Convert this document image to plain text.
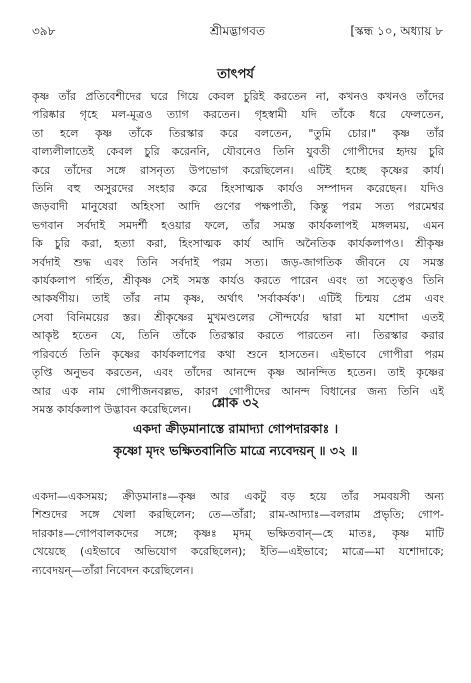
৩৯৮	শ্রীমদ্ভাগবত	[স্কন্ধ ১০, অধ্যায় ৮
তাৎপর্য
কৃষ্ণ তাঁর প্রতিবেশীদের ঘরে গিয়ে কেবল চুরিই করতেন না, কখনও কখনও তাঁদের
পরিষ্কার গৃহে মল-মূত্রও ত্যাগ করতেন। গৃহস্বামী যদি তাঁকে ধরে ফেলতেন,
তা হলে কৃষ্ণ তাঁকে তিরস্কার করে বলতেন, "তুমি চোর।" কৃষ্ণ তাঁর
বাল্যলীলাতেই কেবল চুরি করেননি, যৌবনেও তিনি যুবতী গোপীদের হৃদয় চুরি
করে তাঁদের সঙ্গে রাসনৃত্য উপভোগ করেছিলেন। এটিই হচ্ছে কৃষ্ণের কার্য।
তিনি বহু অসুরদের সংহার করে হিংসাত্মক কার্যও সম্পাদন করেছেন। যদিও
জড়বাদী মানুষেরা অহিংসা আদি গুণের পক্ষপাতী, কিন্তু পরম সত্য পরমেশ্বর
ভগবান সর্বদাই সমদর্শী হওয়ার ফলে, তাঁর সমস্ত কার্যকলাপই মঙ্গলময়, এমন
কি চুরি করা, হত্যা করা, হিংসাত্মক কার্য আদি অনৈতিক কার্যকলাপও। শ্রীকৃষ্ণ
সর্বদাই শুদ্ধ এবং তিনি সর্বদাই পরম সত্য। জড়-জাগতিক জীবনে যে সমস্ত
কার্যকলাপ গর্হিত, শ্রীকৃষ্ণ সেই সমস্ত কার্যও করতে পারেন এবং তা সত্ত্বেও তিনি
আকর্ষণীয়। তাই তাঁর নাম কৃষ্ণ, অর্থাৎ 'সর্বাকর্ষক'। এটিই চিন্ময় প্রেম এবং
সেবা বিনিময়ের স্তর। শ্রীকৃষ্ণের মুখমণ্ডলের সৌন্দর্যের দ্বারা মা যশোদা এতই
আকৃষ্ট হতেন যে, তিনি তাঁকে তিরস্কার করতে পারতেন না। তিরস্কার করার
পরিবর্তে তিনি কৃষ্ণের কার্যকলাপের কথা শুনে হাসতেন। এইভাবে গোপীরা পরম
তৃপ্তি অনুভব করতেন, এবং তাঁদের আনন্দে কৃষ্ণ আনন্দিত হতেন। তাই কৃষ্ণের
আর এক নাম গোপীজনবল্লভ, কারণ গোপীদের আনন্দ বিধানের জন্য তিনি এই
সমস্ত কার্যকলাপ উদ্ভাবন করেছিলেন।	শ্লোক ৩২
একদা ক্রীড়মানাস্তে রামাদ্যা গোপদারকাঃ ।
কৃষ্ণো মৃদং ভক্ষিতবানিতি মাত্রে ন্যবেদয়ন্ ॥ ৩২ ॥
একদা—একসময়; ক্রীড়মানাঃ—কৃষ্ণ আর একটু বড় হয়ে তাঁর সমবয়সী অন্য
শিশুদের সঙ্গে খেলা করছিলেন; তে—তাঁরা; রাম-আদ্যাঃ—বলরাম প্রভৃতি; গোপ-
দারকাঃ—গোপবালকদের সঙ্গে; কৃষ্ণঃ মৃদম্ ভক্ষিতবান্—হে মাতঃ, কৃষ্ণ মাটি
খেয়েছে (এইভাবে অভিযোগ করেছিলেন); ইতি—এইভাবে; মাত্রে—মা যশোদাকে;
ন্যবেদয়ন্—তাঁরা নিবেদন করেছিলেন।
